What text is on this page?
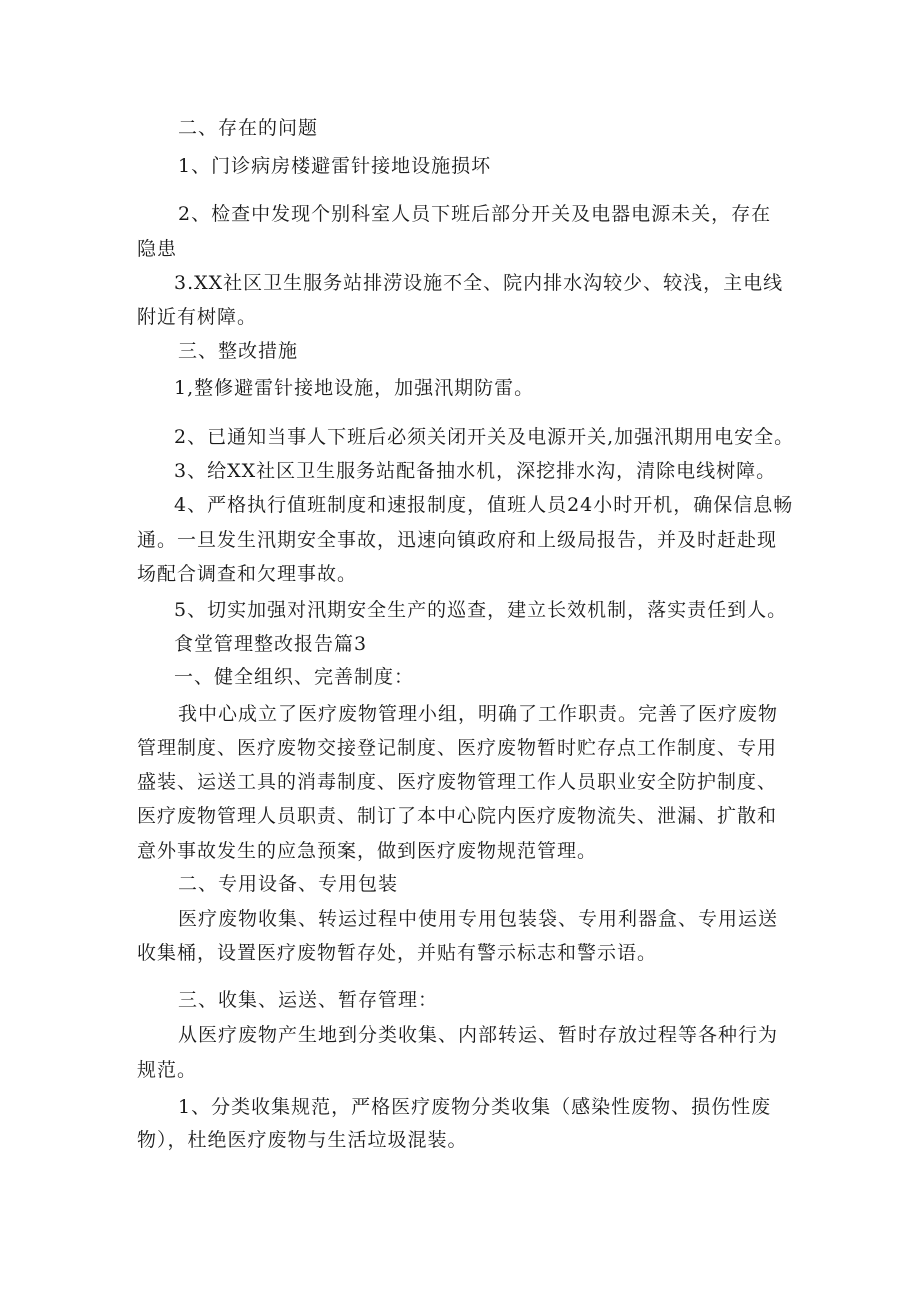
二、存在的问题
1、门诊病房楼避雷针接地设施损坏
2、检查中发现个别科室人员下班后部分开关及电器电源未关，存在
隐患
3.XX社区卫生服务站排涝设施不全、院内排水沟较少、较浅，主电线
附近有树障。
三、整改措施
1,整修避雷针接地设施，加强汛期防雷。
2、已通知当事人下班后必须关闭开关及电源开关,加强汛期用电安全。
3、给XX社区卫生服务站配备抽水机，深挖排水沟，清除电线树障。
4、严格执行值班制度和速报制度，值班人员24小时开机，确保信息畅
通。一旦发生汛期安全事故，迅速向镇政府和上级局报告，并及时赶赴现
场配合调查和欠理事故。
5、切实加强对汛期安全生产的巡查，建立长效机制，落实责任到人。
食堂管理整改报告篇3
一、健全组织、完善制度：
我中心成立了医疗废物管理小组，明确了工作职责。完善了医疗废物
管理制度、医疗废物交接登记制度、医疗废物暂时贮存点工作制度、专用
盛装、运送工具的消毒制度、医疗废物管理工作人员职业安全防护制度、
医疗废物管理人员职责、制订了本中心院内医疗废物流失、泄漏、扩散和
意外事故发生的应急预案，做到医疗废物规范管理。
二、专用设备、专用包装
医疗废物收集、转运过程中使用专用包装袋、专用利器盒、专用运送
收集桶，设置医疗废物暂存处，并贴有警示标志和警示语。
三、收集、运送、暂存管理：
从医疗废物产生地到分类收集、内部转运、暂时存放过程等各种行为
规范。
1、分类收集规范，严格医疗废物分类收集（感染性废物、损伤性废
物），杜绝医疗废物与生活垃圾混装。
